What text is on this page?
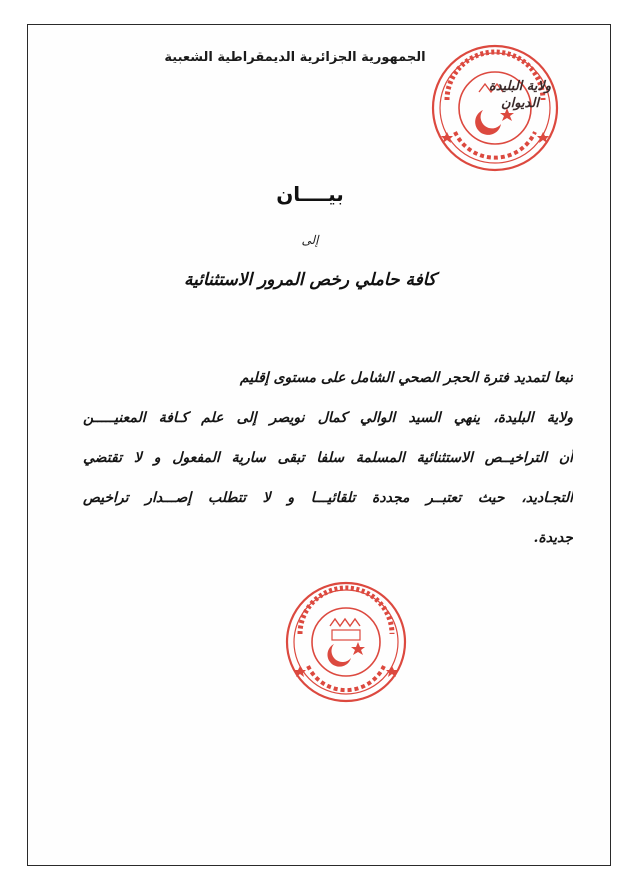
ولاية البليدة
الديوان
الجمهورية الجزائرية الديمقراطية الشعبية
بيــــان
إلى
كافة حاملي رخص المرور الاستثنائية
تبعا لتمديد فترة الحجر الصحي الشامل على مستوى إقليم
ولاية البليدة، ينهي السيد الوالي كمال نويصر إلى علم كـافة المعنيـــــن
أن التراخيــص الاستثنائية المسلمة سلفا تبقى سارية المفعول و لا تقتضي
التجـاديد، حيث تعتبــر مجددة تلقائيـــا و لا تتطلب إصـــدار تراخيص
جديدة.
